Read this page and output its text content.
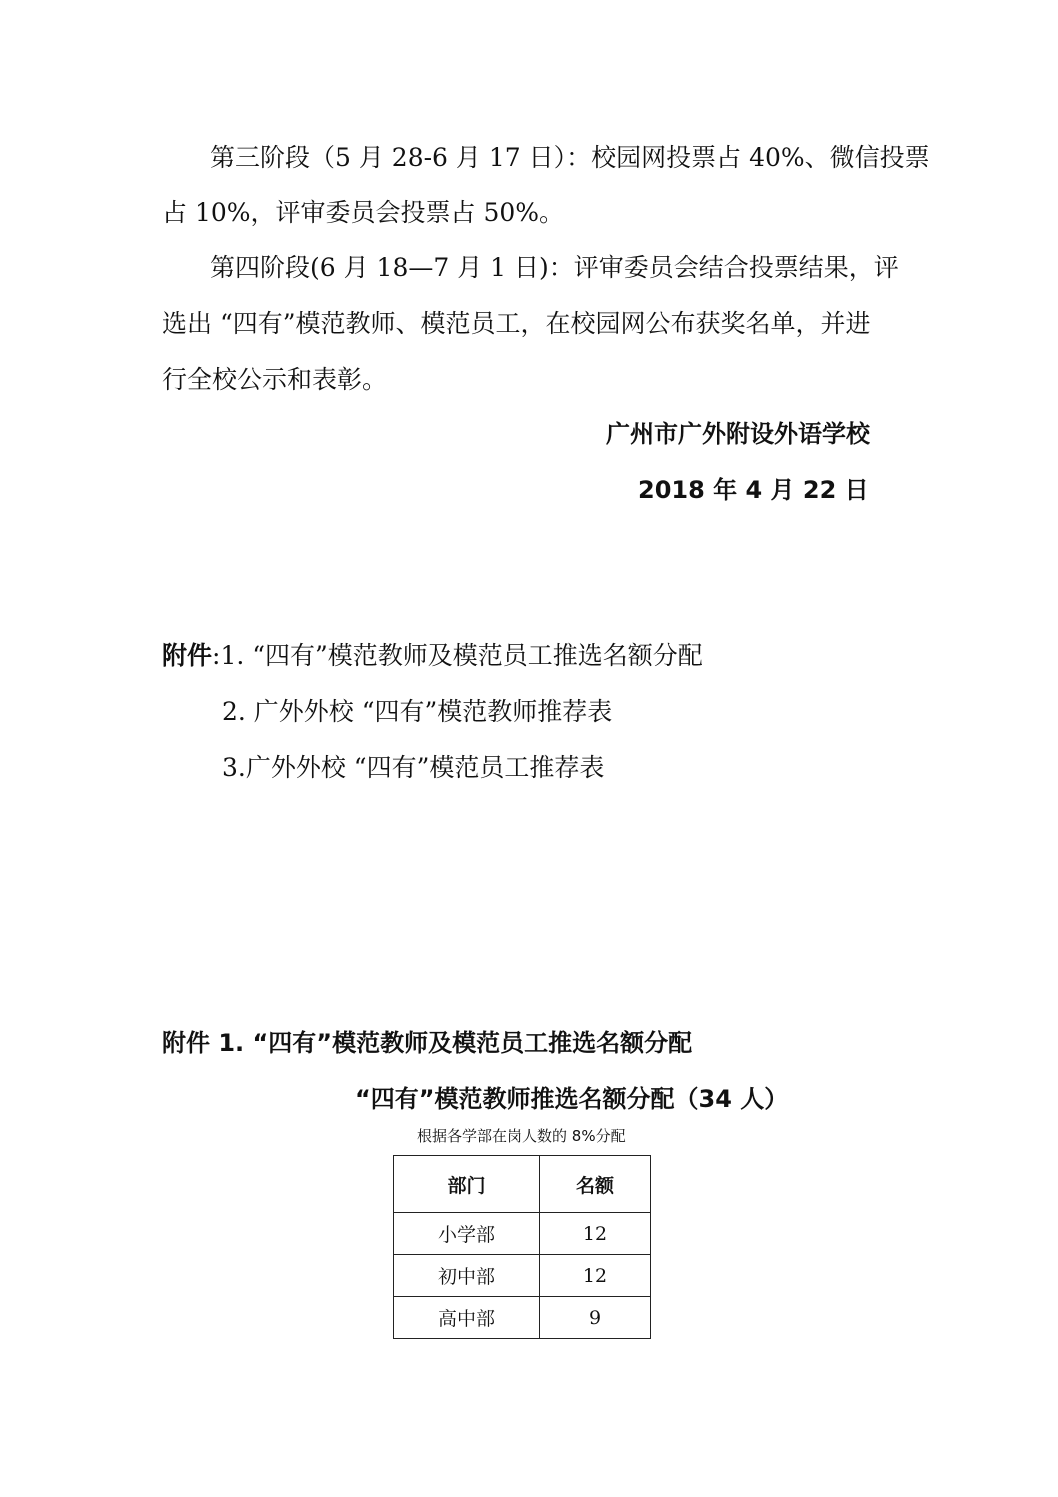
第三阶段（5 月 28-6 月 17 日）：校园网投票占 40%、微信投票
占 10%，评审委员会投票占 50%。
第四阶段(6 月 18—7 月 1 日)：评审委员会结合投票结果，评
选出 “四有”模范教师、模范员工，在校园网公布获奖名单，并进
行全校公示和表彰。
广州市广外附设外语学校
2018 年 4 月 22 日
附件:1. “四有”模范教师及模范员工推选名额分配
2. 广外外校 “四有”模范教师推荐表
3.广外外校 “四有”模范员工推荐表
附件 1. “四有”模范教师及模范员工推选名额分配
“四有”模范教师推选名额分配（34 人）
根据各学部在岗人数的 8%分配
部门	名额
小学部	12
初中部	12
高中部	9
